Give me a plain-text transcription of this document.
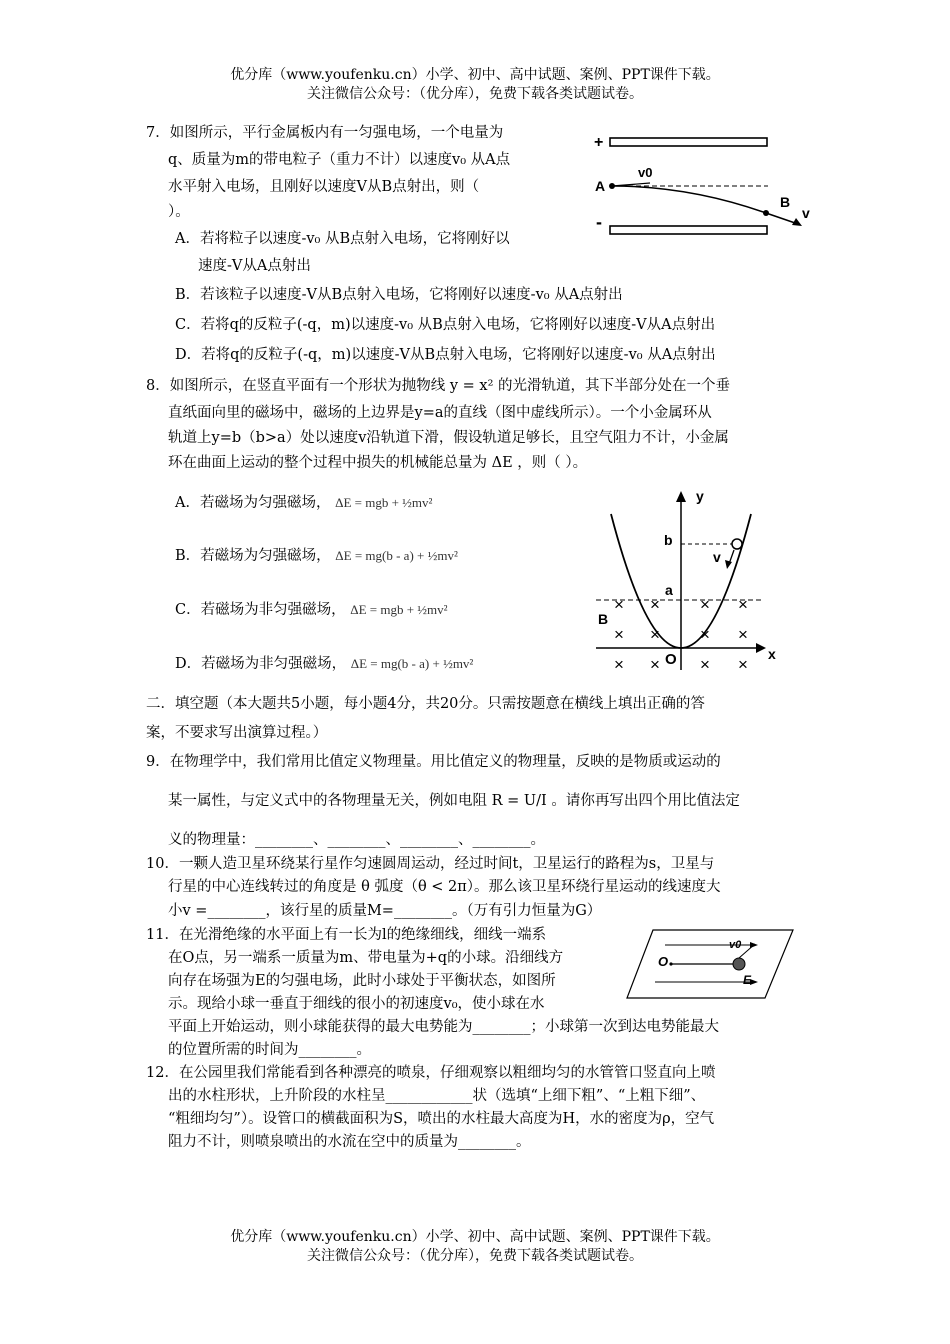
优分库（www.youfenku.cn）小学、初中、高中试题、案例、PPT课件下载。
关注微信公众号：（优分库），免费下载各类试题试卷。
7．如图所示，平行金属板内有一匀强电场，一个电量为
q、质量为m的带电粒子（重力不计）以速度v₀ 从A点
水平射入电场，且刚好以速度V从B点射出，则（
）。
A．若将粒子以速度-v₀ 从B点射入电场，它将刚好以
速度-V从A点射出
B．若该粒子以速度-V从B点射入电场，它将刚好以速度-v₀ 从A点射出
C．若将q的反粒子(-q，m)以速度-v₀ 从B点射入电场，它将刚好以速度-V从A点射出
D．若将q的反粒子(-q，m)以速度-V从B点射入电场，它将刚好以速度-v₀ 从A点射出
+
-
A
v0
B
v
8．如图所示，在竖直平面有一个形状为抛物线 y = x² 的光滑轨道，其下半部分处在一个垂
直纸面向里的磁场中，磁场的上边界是y=a的直线（图中虚线所示）。一个小金属环从
轨道上y=b（b>a）处以速度v沿轨道下滑，假设轨道足够长，且空气阻力不计，小金属
环在曲面上运动的整个过程中损失的机械能总量为 ΔE ，则（ ）。
A．若磁场为匀强磁场， ΔE = mgb + ½mv²
B．若磁场为匀强磁场， ΔE = mg(b - a) + ½mv²
C．若磁场为非匀强磁场， ΔE = mgb + ½mv²
D．若磁场为非匀强磁场， ΔE = mg(b - a) + ½mv²
y
x
b
a
B
O
v
× × × ×
× × × ×
× × × ×
二．填空题（本大题共5小题，每小题4分，共20分。只需按题意在横线上填出正确的答
案，不要求写出演算过程。）
9．在物理学中，我们常用比值定义物理量。用比值定义的物理量，反映的是物质或运动的
某一属性，与定义式中的各物理量无关，例如电阻 R = U/I 。请你再写出四个用比值法定
义的物理量：________、________、________、________。
10．一颗人造卫星环绕某行星作匀速圆周运动，经过时间t，卫星运行的路程为s，卫星与
行星的中心连线转过的角度是 θ 弧度（θ < 2π）。那么该卫星环绕行星运动的线速度大
小v =________，该行星的质量M=________。（万有引力恒量为G）
11．在光滑绝缘的水平面上有一长为l的绝缘细线，细线一端系
在O点，另一端系一质量为m、带电量为+q的小球。沿细线方
向存在场强为E的匀强电场，此时小球处于平衡状态，如图所
示。现给小球一垂直于细线的很小的初速度v₀，使小球在水
平面上开始运动，则小球能获得的最大电势能为________；小球第一次到达电势能最大
的位置所需的时间为________。
O
v0
E
12．在公园里我们常能看到各种漂亮的喷泉，仔细观察以粗细均匀的水管管口竖直向上喷
出的水柱形状，上升阶段的水柱呈____________状（选填“上细下粗”、“上粗下细”、
“粗细均匀”）。设管口的横截面积为S，喷出的水柱最大高度为H，水的密度为ρ，空气
阻力不计，则喷泉喷出的水流在空中的质量为________。
优分库（www.youfenku.cn）小学、初中、高中试题、案例、PPT课件下载。
关注微信公众号：（优分库），免费下载各类试题试卷。
